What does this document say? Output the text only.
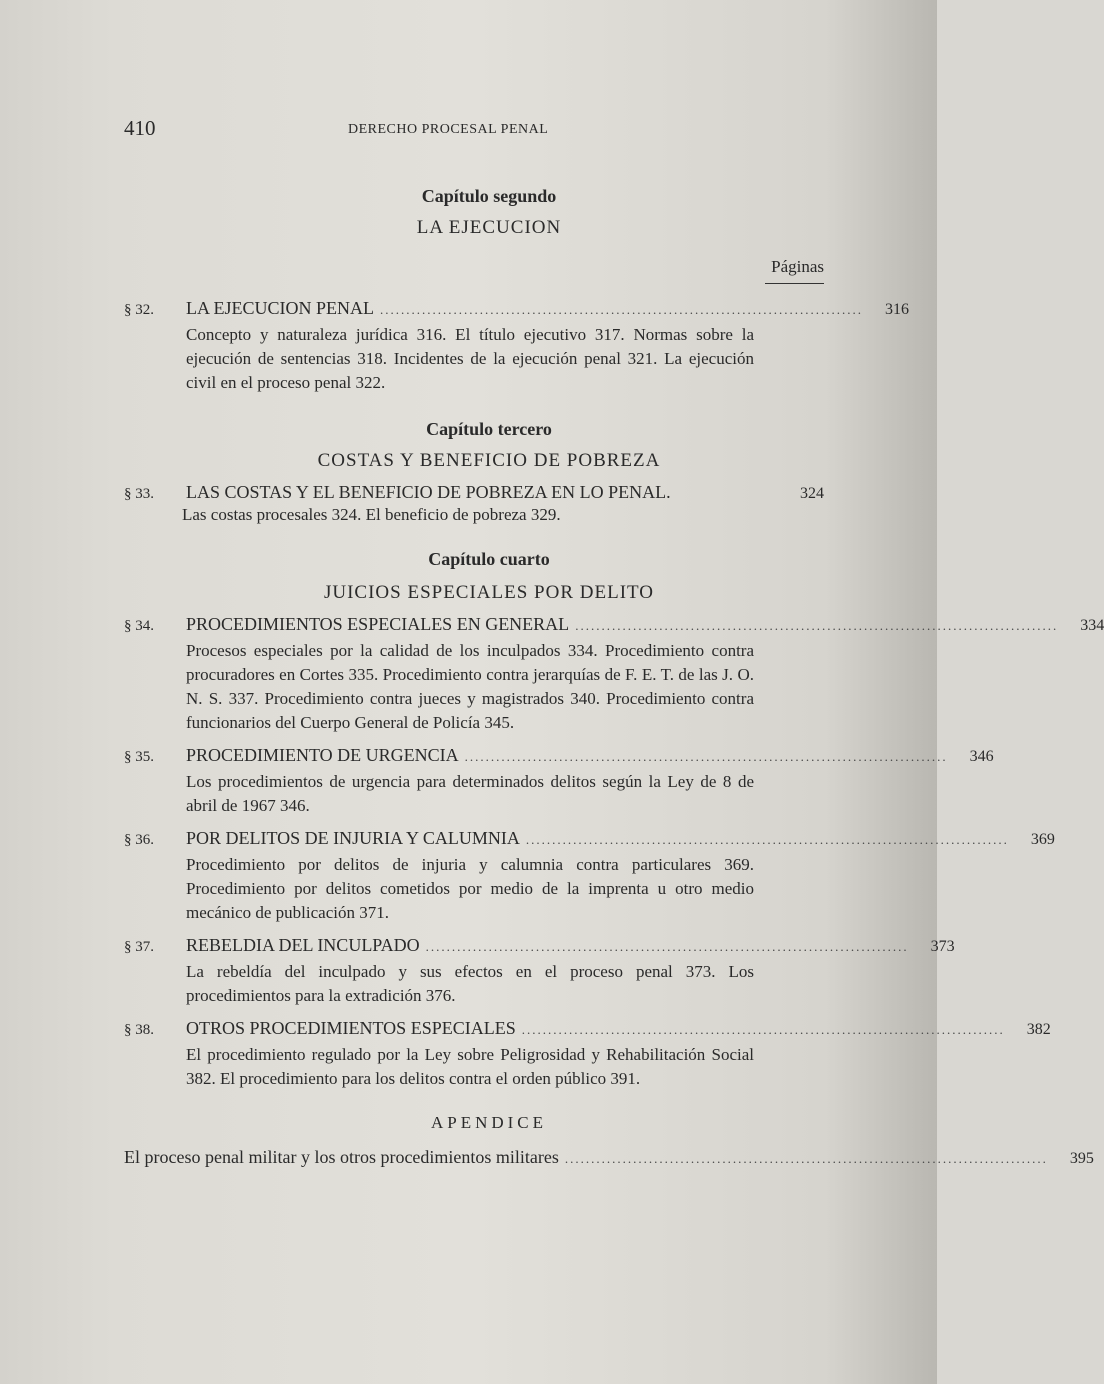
410	DERECHO PROCESAL PENAL
Capítulo segundo
LA EJECUCION
Páginas
§ 32.	LA EJECUCION PENAL ............................................................................................	316
Concepto y naturaleza jurídica 316. El título ejecutivo 317. Normas sobre la ejecución de sentencias 318. Incidentes de la ejecución penal 321. La ejecución civil en el proceso penal 322.
Capítulo tercero
COSTAS Y BENEFICIO DE POBREZA
§ 33.	LAS COSTAS Y EL BENEFICIO DE POBREZA EN LO PENAL.	324
Las costas procesales 324. El beneficio de pobreza 329.
Capítulo cuarto
JUICIOS ESPECIALES POR DELITO
§ 34.	PROCEDIMIENTOS ESPECIALES EN GENERAL ............................................................................................	334
Procesos especiales por la calidad de los inculpados 334. Procedimiento contra procuradores en Cortes 335. Procedimiento contra jerarquías de F. E. T. de las J. O. N. S. 337. Procedimiento contra jueces y magistrados 340. Procedimiento contra funcionarios del Cuerpo General de Policía 345.
§ 35.	PROCEDIMIENTO DE URGENCIA ............................................................................................	346
Los procedimientos de urgencia para determinados delitos según la Ley de 8 de abril de 1967 346.
§ 36.	POR DELITOS DE INJURIA Y CALUMNIA ............................................................................................	369
Procedimiento por delitos de injuria y calumnia contra particulares 369. Procedimiento por delitos cometidos por medio de la imprenta u otro medio mecánico de publicación 371.
§ 37.	REBELDIA DEL INCULPADO ............................................................................................	373
La rebeldía del inculpado y sus efectos en el proceso penal 373. Los procedimientos para la extradición 376.
§ 38.	OTROS PROCEDIMIENTOS ESPECIALES ............................................................................................	382
El procedimiento regulado por la Ley sobre Peligrosidad y Rehabilitación Social 382. El procedimiento para los delitos contra el orden público 391.
APENDICE
El proceso penal militar y los otros procedimientos militares ............................................................................................	395
